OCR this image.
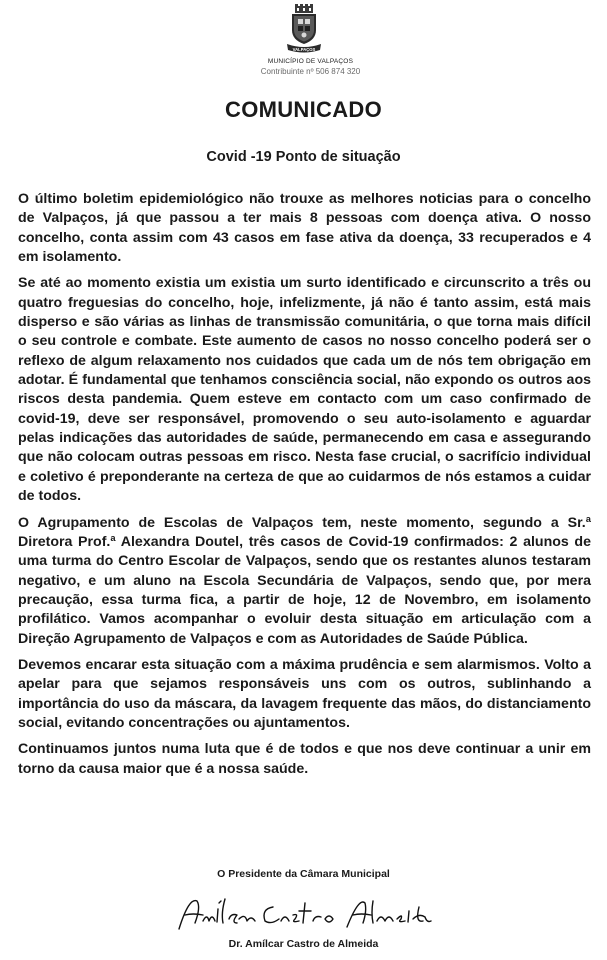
VALPAÇOS
MUNICÍPIO DE VALPAÇOS
Contribuinte nº 506 874 320
COMUNICADO
Covid -19 Ponto de situação

O último boletim epidemiológico não trouxe as melhores noticias para o concelho de Valpaços, já que passou a ter mais 8 pessoas com doença ativa. O nosso concelho, conta assim com 43 casos em fase ativa da doença, 33 recuperados e 4 em isolamento.

Se até ao momento existia um existia um surto identificado e circunscrito a três ou quatro freguesias do concelho, hoje, infelizmente, já não é tanto assim, está mais disperso e são várias as linhas de transmissão comunitária, o que torna mais difícil o seu controle e combate. Este aumento de casos no nosso concelho poderá ser o reflexo de algum relaxamento nos cuidados que cada um de nós tem obrigação em adotar. É fundamental que tenhamos consciência social, não expondo os outros aos riscos desta pandemia. Quem esteve em contacto com um caso confirmado de covid-19, deve ser responsável, promovendo o seu auto-isolamento e aguardar pelas indicações das autoridades de saúde, permanecendo em casa e assegurando que não colocam outras pessoas em risco. Nesta fase crucial, o sacrifício individual e coletivo é preponderante na certeza de que ao cuidarmos de nós estamos a cuidar de todos.

O Agrupamento de Escolas de Valpaços tem, neste momento, segundo a Sr.ª Diretora Prof.ª Alexandra Doutel, três casos de Covid-19 confirmados: 2 alunos de uma turma do Centro Escolar de Valpaços, sendo que os restantes alunos testaram negativo, e um aluno na Escola Secundária de Valpaços, sendo que, por mera precaução, essa turma fica, a partir de hoje, 12 de Novembro, em isolamento profilático. Vamos acompanhar o evoluir desta situação em articulação com a Direção Agrupamento de Valpaços e com as Autoridades de Saúde Pública.

Devemos encarar esta situação com a máxima prudência e sem alarmismos. Volto a apelar para que sejamos responsáveis uns com os outros, sublinhando a importância do uso da máscara, da lavagem frequente das mãos, do distanciamento social, evitando concentrações ou ajuntamentos.

Continuamos juntos numa luta que é de todos e que nos deve continuar a unir em torno da causa maior que é a nossa saúde.

O Presidente da Câmara Municipal
Dr. Amílcar Castro de Almeida
